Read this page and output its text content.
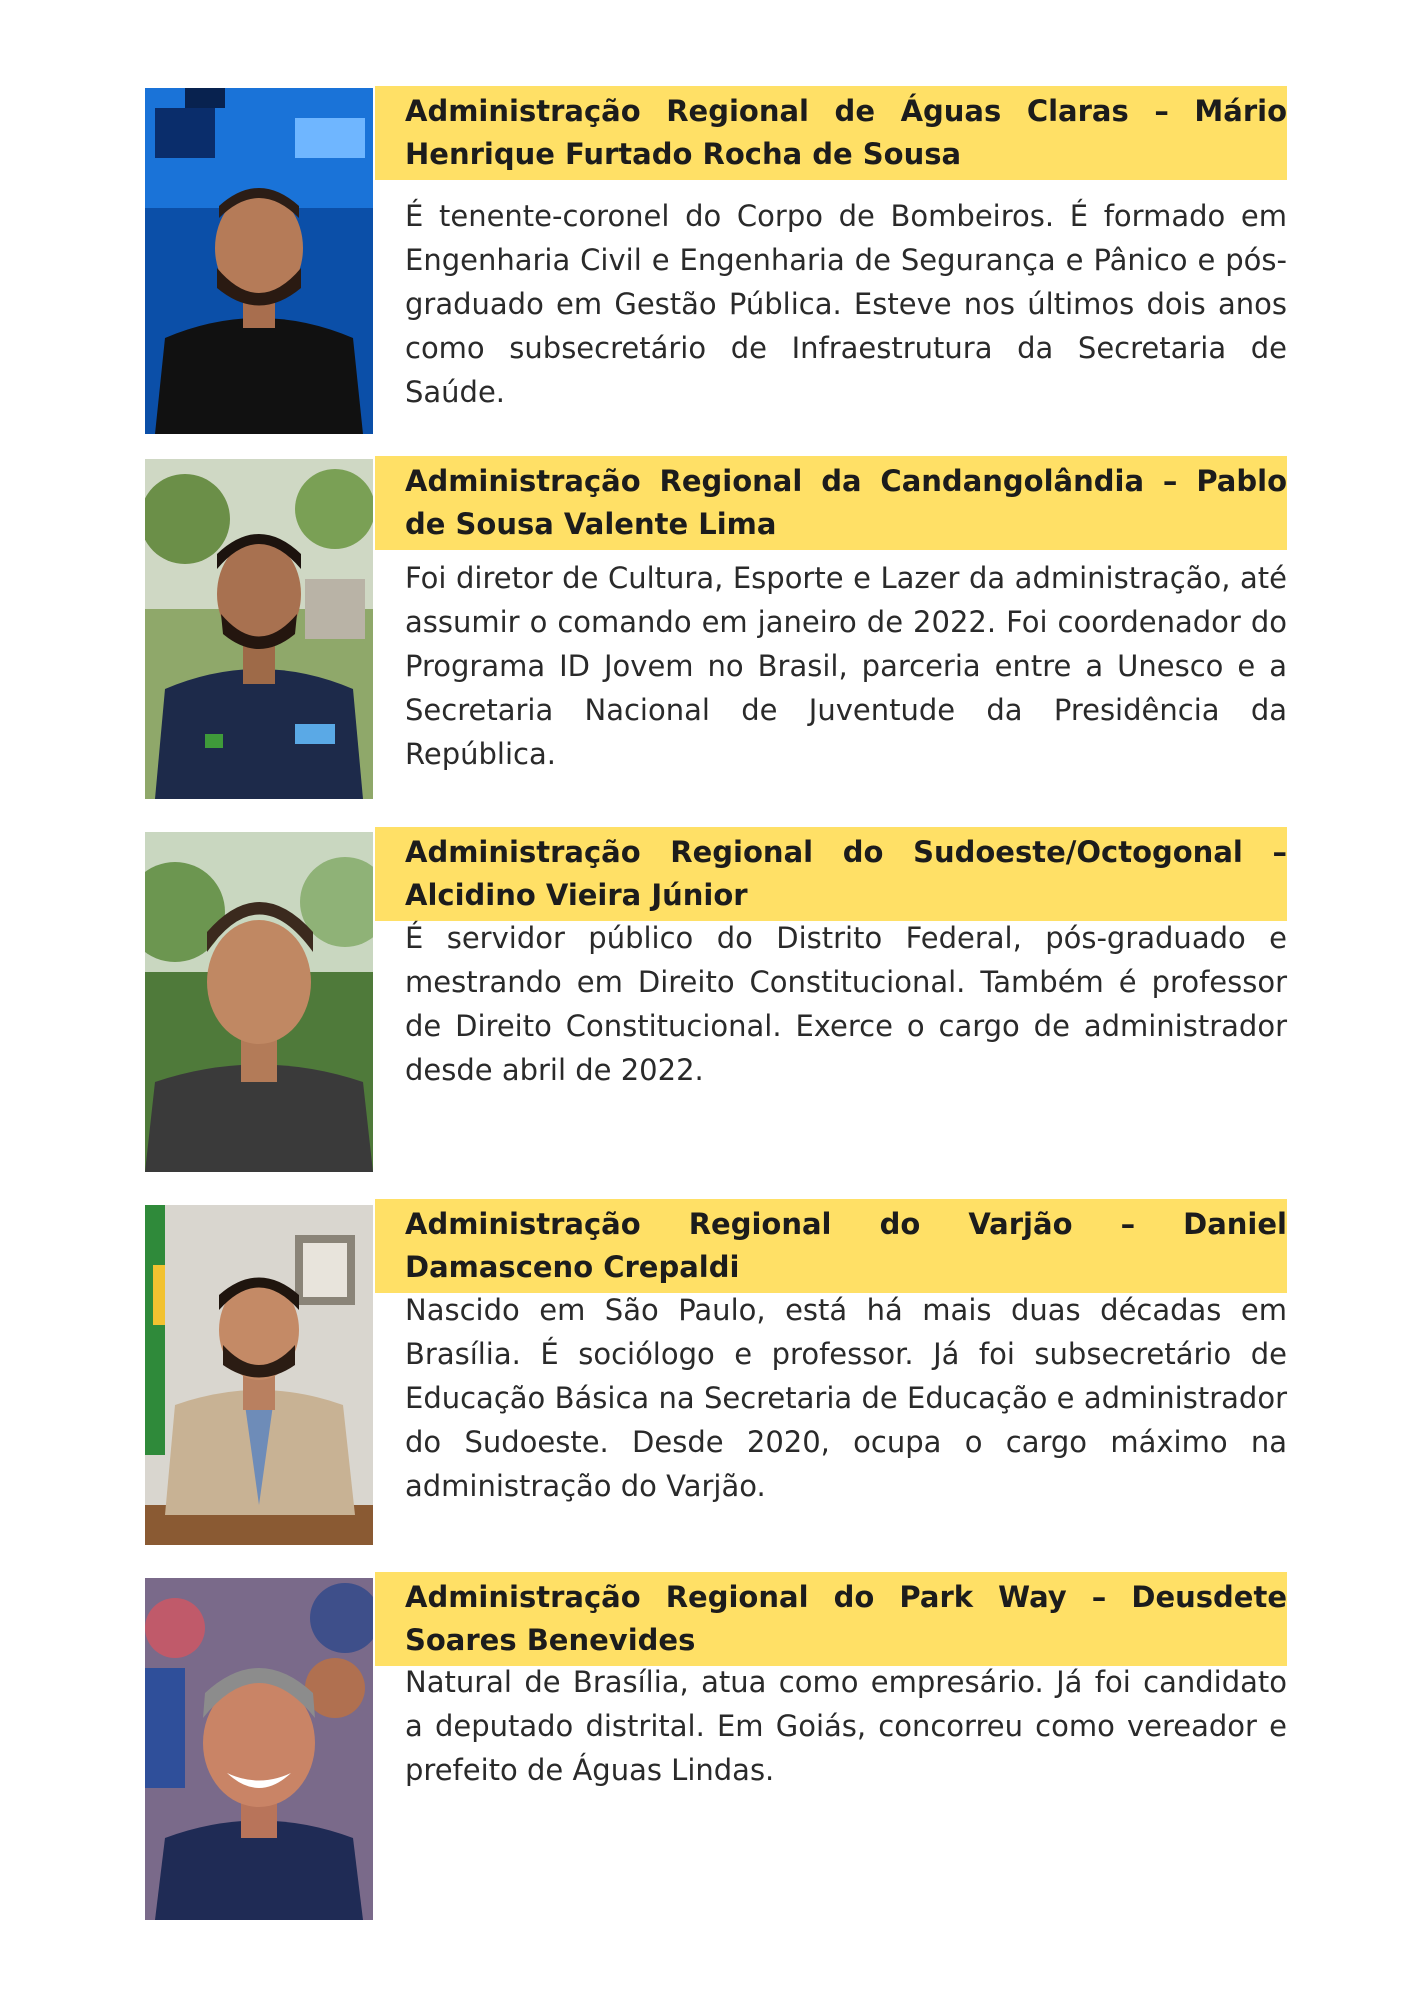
Administração Regional de Águas Claras – Mário Henrique Furtado Rocha de Sousa

É tenente-coronel do Corpo de Bombeiros. É formado em Engenharia Civil e Engenharia de Segurança e Pânico e pós-graduado em Gestão Pública. Esteve nos últimos dois anos como subsecretário de Infraestrutura da Secretaria de Saúde.

Administração Regional da Candangolândia – Pablo de Sousa Valente Lima

Foi diretor de Cultura, Esporte e Lazer da administração, até assumir o comando em janeiro de 2022. Foi coordenador do Programa ID Jovem no Brasil, parceria entre a Unesco e a Secretaria Nacional de Juventude da Presidência da República.

Administração Regional do Sudoeste/Octogonal – Alcidino Vieira Júnior

É servidor público do Distrito Federal, pós-graduado e mestrando em Direito Constitucional. Também é professor de Direito Constitucional. Exerce o cargo de administrador desde abril de 2022.

Administração Regional do Varjão – Daniel Damasceno Crepaldi

Nascido em São Paulo, está há mais duas décadas em Brasília. É sociólogo e professor. Já foi subsecretário de Educação Básica na Secretaria de Educação e administrador do Sudoeste. Desde 2020, ocupa o cargo máximo na administração do Varjão.

Administração Regional do Park Way – Deusdete Soares Benevides

Natural de Brasília, atua como empresário. Já foi candidato a deputado distrital. Em Goiás, concorreu como vereador e prefeito de Águas Lindas.
